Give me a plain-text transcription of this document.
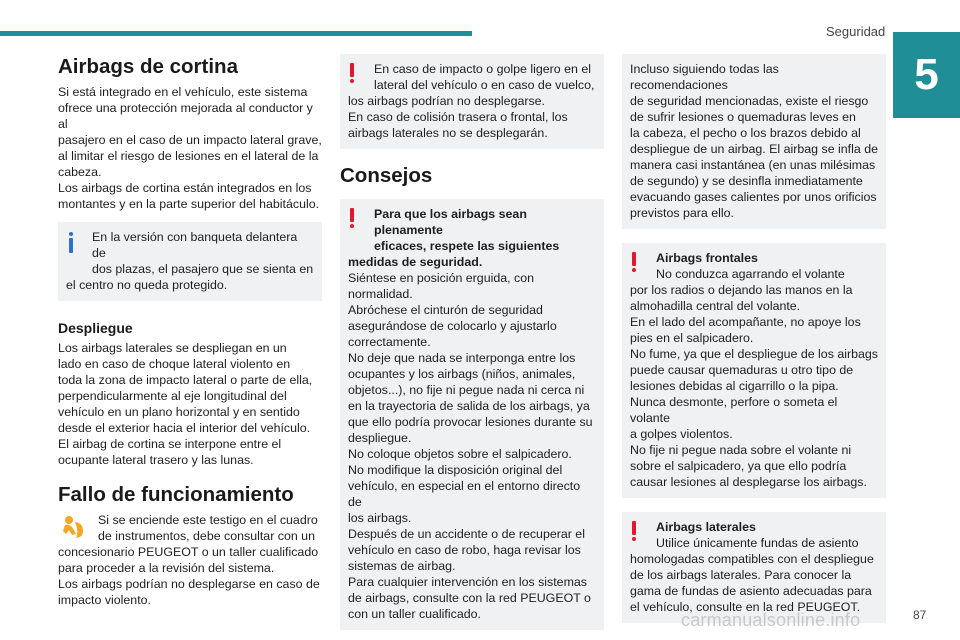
Seguridad
5
Airbags de cortina

Si está integrado en el vehículo, este sistema
ofrece una protección mejorada al conductor y al
pasajero en el caso de un impacto lateral grave,
al limitar el riesgo de lesiones en el lateral de la
cabeza.
Los airbags de cortina están integrados en los
montantes y en la parte superior del habitáculo.

En la versión con banqueta delantera de
dos plazas, el pasajero que se sienta en
el centro no queda protegido.

Despliegue

Los airbags laterales se despliegan en un
lado en caso de choque lateral violento en
toda la zona de impacto lateral o parte de ella,
perpendicularmente al eje longitudinal del
vehículo en un plano horizontal y en sentido
desde el exterior hacia el interior del vehículo.
El airbag de cortina se interpone entre el
ocupante lateral trasero y las lunas.

Fallo de funcionamiento

Si se enciende este testigo en el cuadro
de instrumentos, debe consultar con un
concesionario PEUGEOT o un taller cualificado
para proceder a la revisión del sistema.
Los airbags podrían no desplegarse en caso de
impacto violento.

En caso de impacto o golpe ligero en el
lateral del vehículo o en caso de vuelco,
los airbags podrían no desplegarse.
En caso de colisión trasera o frontal, los
airbags laterales no se desplegarán.

Consejos

Para que los airbags sean plenamente
eficaces, respete las siguientes
medidas de seguridad.

Siéntese en posición erguida, con
normalidad.
Abróchese el cinturón de seguridad
asegurándose de colocarlo y ajustarlo
correctamente.
No deje que nada se interponga entre los
ocupantes y los airbags (niños, animales,
objetos...), no fije ni pegue nada ni cerca ni
en la trayectoria de salida de los airbags, ya
que ello podría provocar lesiones durante su
despliegue.
No coloque objetos sobre el salpicadero.
No modifique la disposición original del
vehículo, en especial en el entorno directo de
los airbags.
Después de un accidente o de recuperar el
vehículo en caso de robo, haga revisar los
sistemas de airbag.
Para cualquier intervención en los sistemas
de airbags, consulte con la red PEUGEOT o
con un taller cualificado.

Incluso siguiendo todas las recomendaciones
de seguridad mencionadas, existe el riesgo
de sufrir lesiones o quemaduras leves en
la cabeza, el pecho o los brazos debido al
despliegue de un airbag. El airbag se infla de
manera casi instantánea (en unas milésimas
de segundo) y se desinfla inmediatamente
evacuando gases calientes por unos orificios
previstos para ello.

Airbags frontales

No conduzca agarrando el volante
por los radios o dejando las manos en la
almohadilla central del volante.
En el lado del acompañante, no apoye los
pies en el salpicadero.
No fume, ya que el despliegue de los airbags
puede causar quemaduras u otro tipo de
lesiones debidas al cigarrillo o la pipa.
Nunca desmonte, perfore o someta el volante
a golpes violentos.
No fije ni pegue nada sobre el volante ni
sobre el salpicadero, ya que ello podría
causar lesiones al desplegarse los airbags.

Airbags laterales

Utilice únicamente fundas de asiento
homologadas compatibles con el despliegue
de los airbags laterales. Para conocer la
gama de fundas de asiento adecuadas para
el vehículo, consulte en la red PEUGEOT.

carmanualsonline.info	87
